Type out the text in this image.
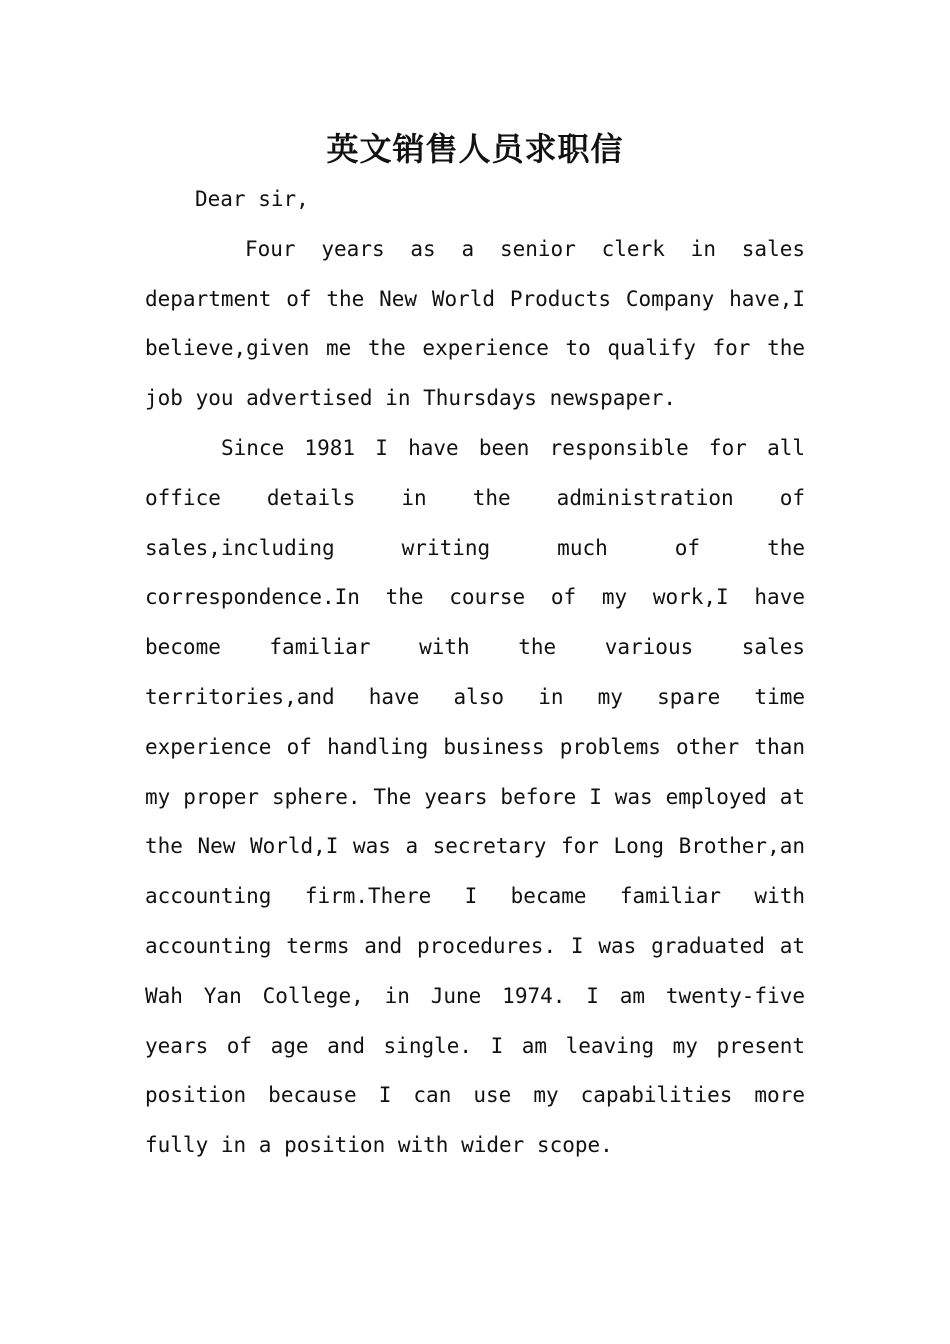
英文销售人员求职信

Dear sir,

Four years as a senior clerk in sales department of the New World Products Company have,I believe,given me the experience to qualify for the job you advertised in Thursdays newspaper.

Since 1981 I have been responsible for all office details in the administration of sales,including writing much of the correspondence.In the course of my work,I have become familiar with the various sales territories,and have also in my spare time experience of handling business problems other than my proper sphere. The years before I was employed at the New World,I was a secretary for Long Brother,an accounting firm.There I became familiar with accounting terms and procedures. I was graduated at Wah Yan College, in June 1974. I am twenty-five years of age and single. I am leaving my present position because I can use my capabilities more fully in a position with wider scope.
